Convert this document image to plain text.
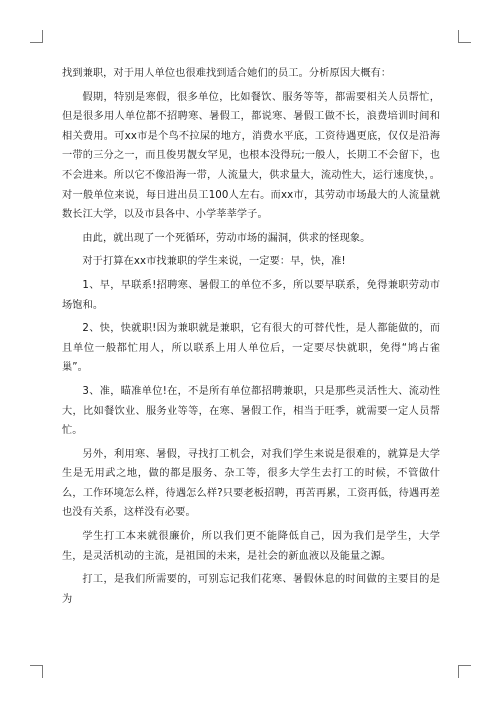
找到兼职，对于用人单位也很难找到适合她们的员工。分析原因大概有：

假期，特别是寒假，很多单位，比如餐饮、服务等等，都需要相关人员帮忙，但是很多用人单位都不招聘寒、暑假工，都说寒、暑假工做不长，浪费培训时间和相关费用。可xx市是个鸟不拉屎的地方，消费水平底，工资待遇更底，仅仅是沿海一带的三分之一，而且俊男靓女罕见，也根本没得玩;一般人，长期工不会留下，也不会进来。所以它不像沿海一带，人流量大，供求量大，流动性大，运行速度快，。对一般单位来说，每日进出员工100人左右。而xx市，其劳动市场最大的人流量就数长江大学，以及市县各中、小学莘莘学子。

由此，就出现了一个死循环，劳动市场的漏洞，供求的怪现象。

对于打算在xx市找兼职的学生来说，一定要：早，快，准!

1、早，早联系!招聘寒、暑假工的单位不多，所以要早联系，免得兼职劳动市场饱和。

2、快，快就职!因为兼职就是兼职，它有很大的可替代性，是人都能做的，而且单位一般都忙用人，所以联系上用人单位后，一定要尽快就职，免得“鸠占雀巢”。

3、准，瞄准单位!在，不是所有单位都招聘兼职，只是那些灵活性大、流动性大，比如餐饮业、服务业等等，在寒、暑假工作，相当于旺季，就需要一定人员帮忙。

另外，利用寒、暑假，寻找打工机会，对我们学生来说是很难的，就算是大学生是无用武之地，做的都是服务、杂工等，很多大学生去打工的时候，不管做什么，工作环境怎么样，待遇怎么样?只要老板招聘，再苦再累，工资再低，待遇再差也没有关系，这样没有必要。

学生打工本来就很廉价，所以我们更不能降低自己，因为我们是学生，大学生，是灵活机动的主流，是祖国的未来，是社会的新血液以及能量之源。

打工，是我们所需要的，可别忘记我们花寒、暑假休息的时间做的主要目的是为
